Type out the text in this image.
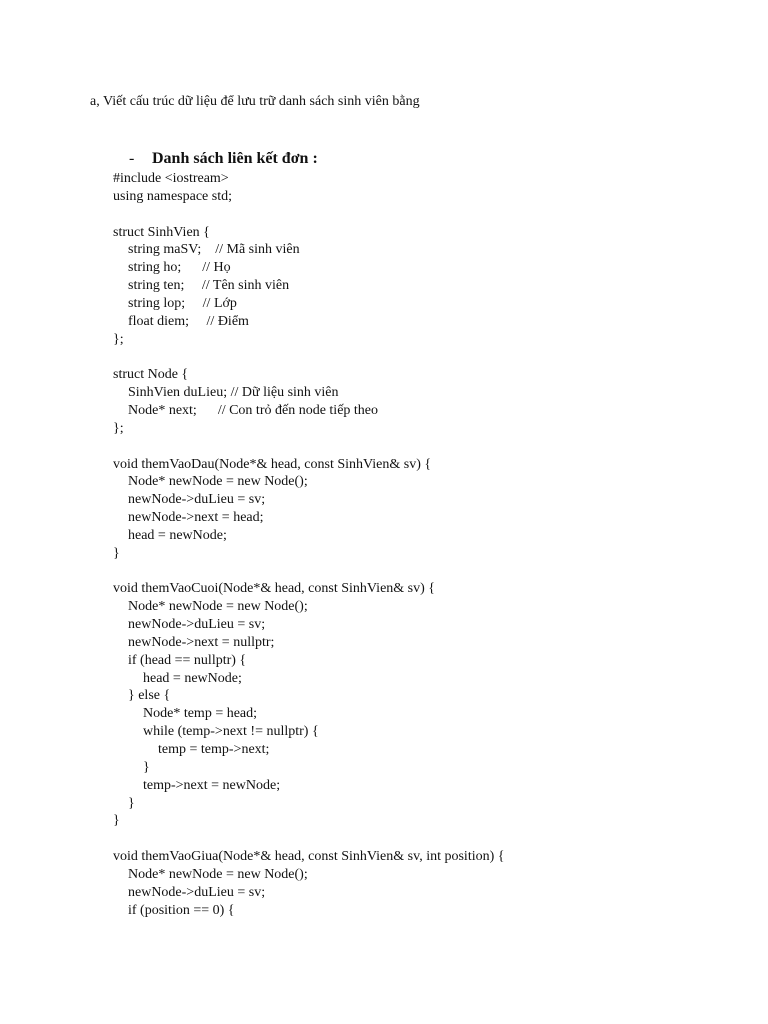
a, Viết cấu trúc dữ liệu để lưu trữ danh sách sinh viên bằng

- Danh sách liên kết đơn :

#include <iostream>
using namespace std;
struct SinhVien {
string maSV;    // Mã sinh viên
string ho;      // Họ
string ten;     // Tên sinh viên
string lop;     // Lớp
float diem;     // Điểm
};
struct Node {
SinhVien duLieu; // Dữ liệu sinh viên
Node* next;      // Con trỏ đến node tiếp theo
};
void themVaoDau(Node*& head, const SinhVien& sv) {
Node* newNode = new Node();
newNode->duLieu = sv;
newNode->next = head;
head = newNode;
}
void themVaoCuoi(Node*& head, const SinhVien& sv) {
Node* newNode = new Node();
newNode->duLieu = sv;
newNode->next = nullptr;
if (head == nullptr) {
head = newNode;
} else {
Node* temp = head;
while (temp->next != nullptr) {
temp = temp->next;
}
temp->next = newNode;
}
}
void themVaoGiua(Node*& head, const SinhVien& sv, int position) {
Node* newNode = new Node();
newNode->duLieu = sv;
if (position == 0) {
